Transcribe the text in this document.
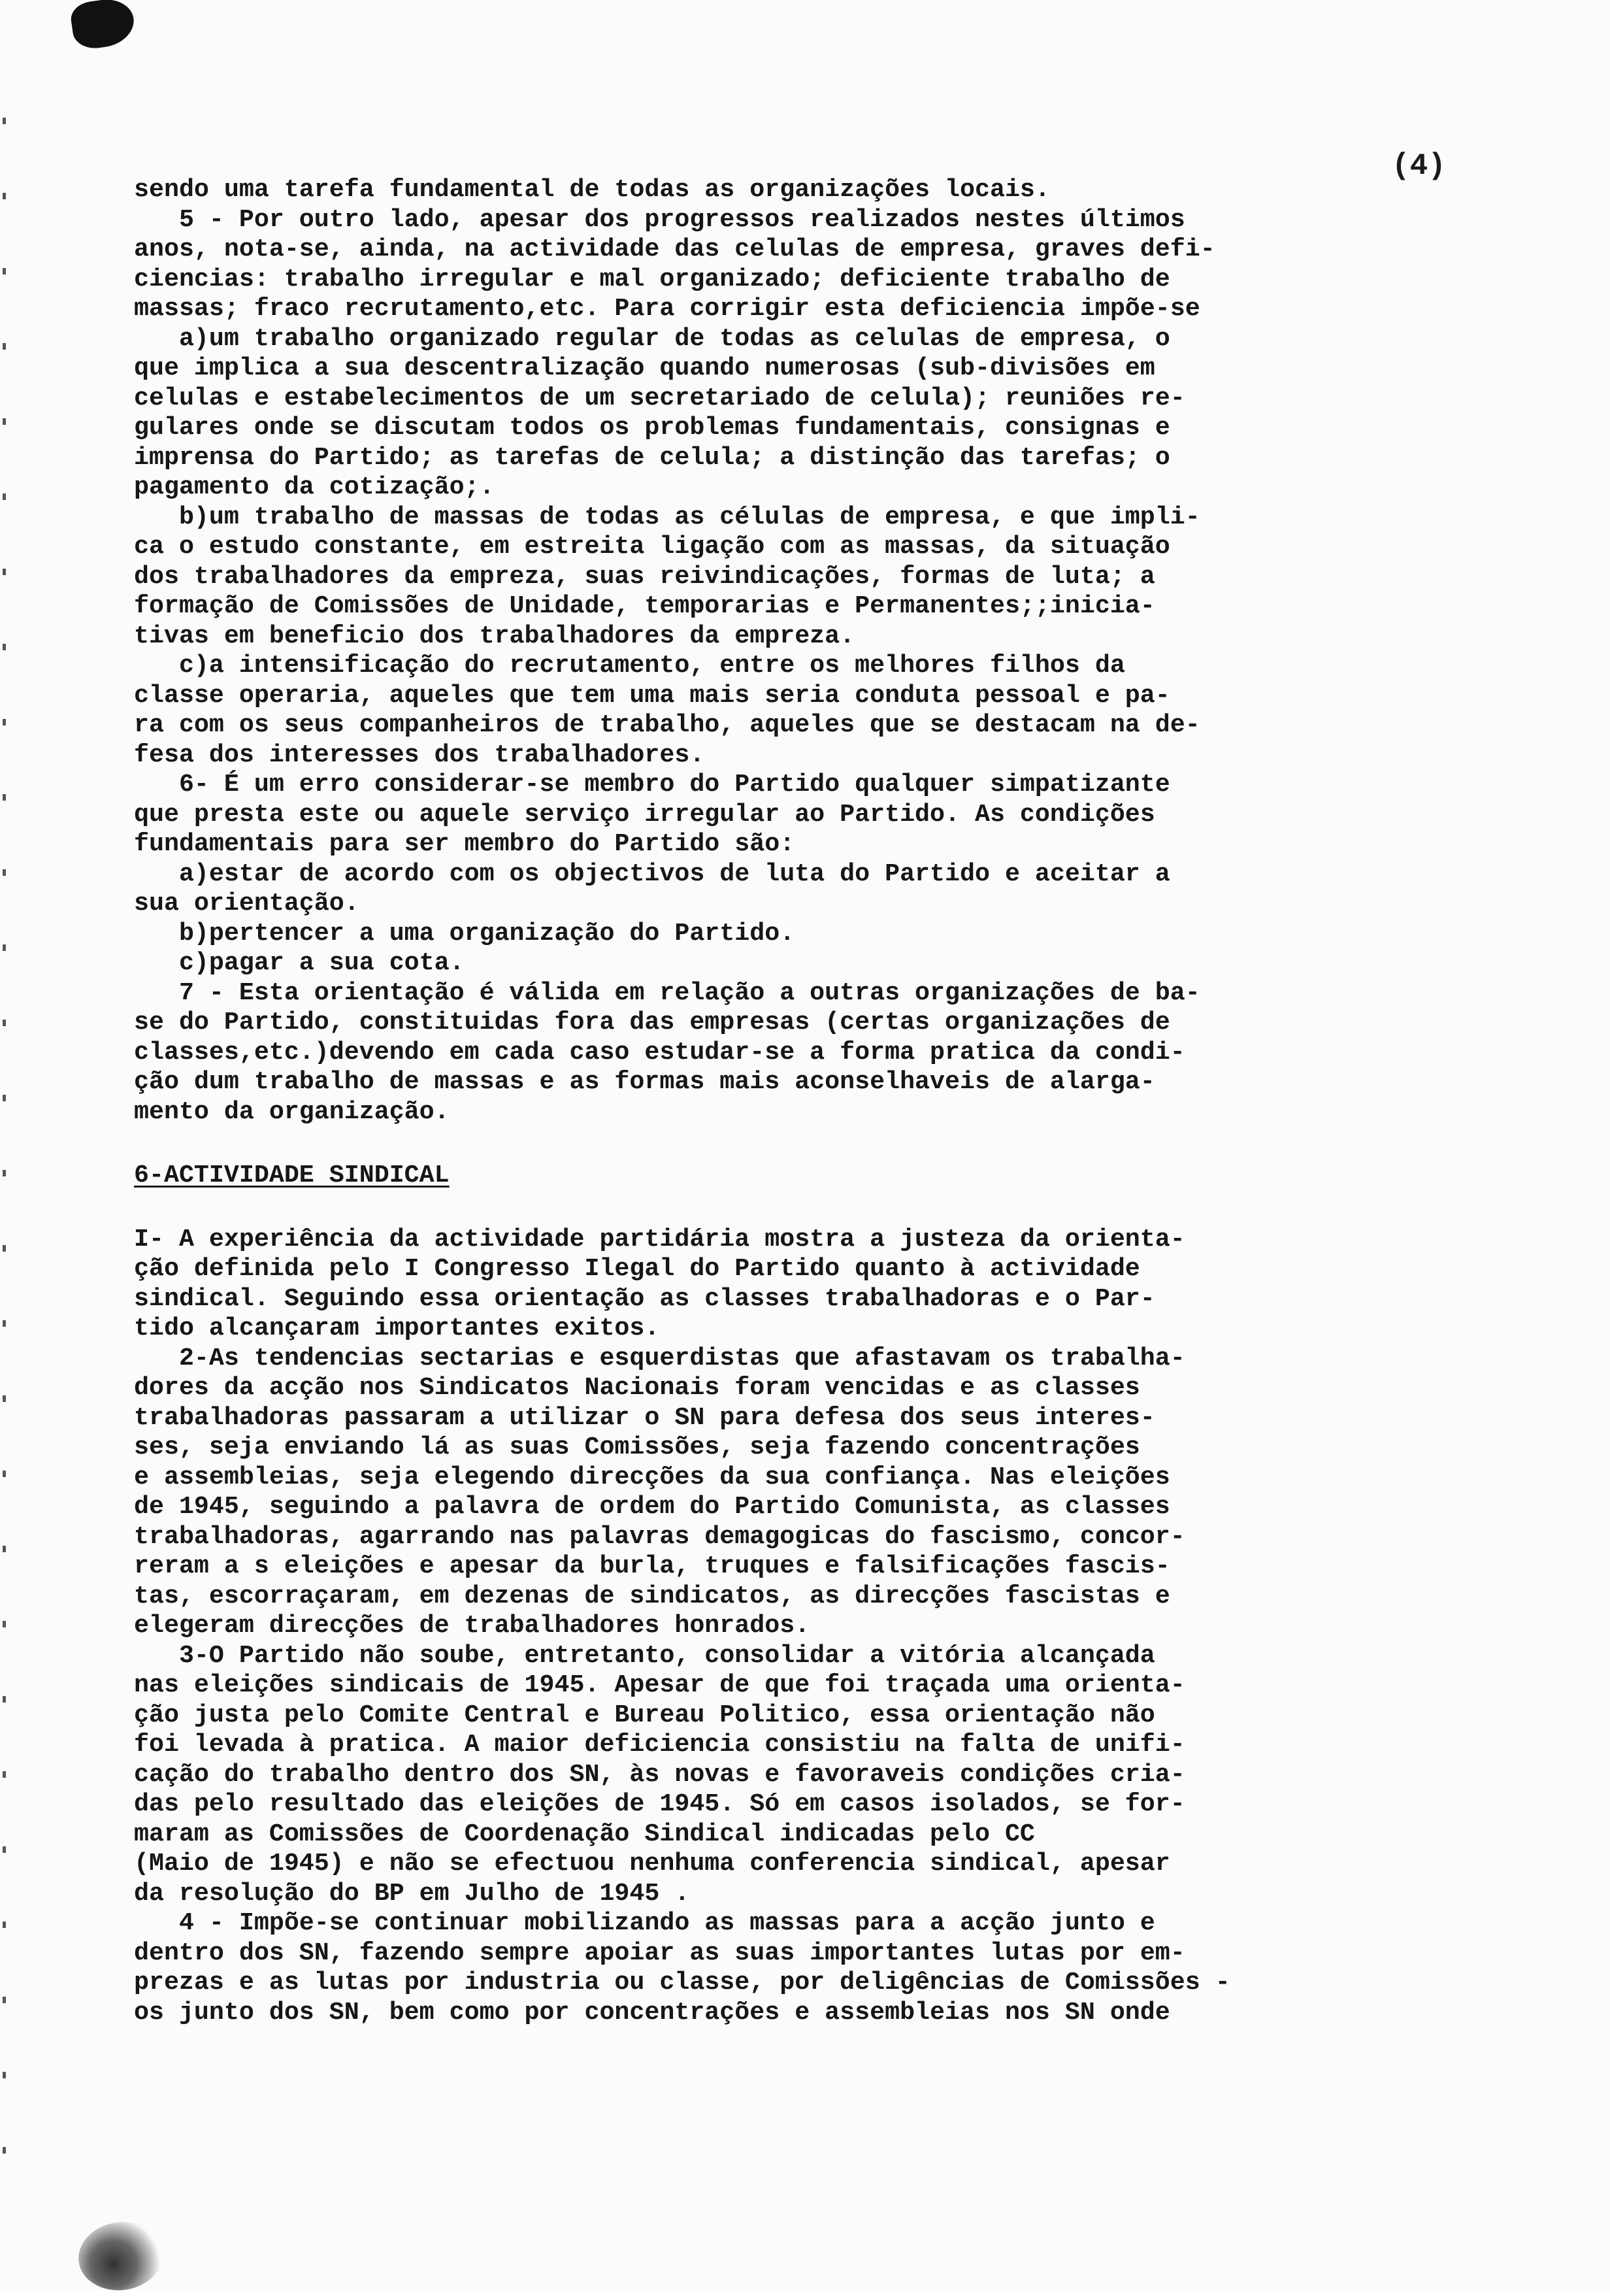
(4)
sendo uma tarefa fundamental de todas as organizações locais.
5 - Por outro lado, apesar dos progressos realizados nestes últimos
anos, nota-se, ainda, na actividade das celulas de empresa, graves defi-
ciencias: trabalho irregular e mal organizado; deficiente trabalho de
massas; fraco recrutamento,etc. Para corrigir esta deficiencia impõe-se
a)um trabalho organizado regular de todas as celulas de empresa, o
que implica a sua descentralização quando numerosas (sub-divisões em
celulas e estabelecimentos de um secretariado de celula); reuniões re-
gulares onde se discutam todos os problemas fundamentais, consignas e
imprensa do Partido; as tarefas de celula; a distinção das tarefas; o
pagamento da cotização;.
b)um trabalho de massas de todas as células de empresa, e que impli-
ca o estudo constante, em estreita ligação com as massas, da situação
dos trabalhadores da empreza, suas reivindicações, formas de luta; a
formação de Comissões de Unidade, temporarias e Permanentes;;inicia-
tivas em beneficio dos trabalhadores da empreza.
c)a intensificação do recrutamento, entre os melhores filhos da
classe operaria, aqueles que tem uma mais seria conduta pessoal e pa-
ra com os seus companheiros de trabalho, aqueles que se destacam na de-
fesa dos interesses dos trabalhadores.
6- É um erro considerar-se membro do Partido qualquer simpatizante
que presta este ou aquele serviço irregular ao Partido. As condições
fundamentais para ser membro do Partido são:
a)estar de acordo com os objectivos de luta do Partido e aceitar a
sua orientação.
b)pertencer a uma organização do Partido.
c)pagar a sua cota.
7 - Esta orientação é válida em relação a outras organizações de ba-
se do Partido, constituidas fora das empresas (certas organizações de
classes,etc.)devendo em cada caso estudar-se a forma pratica da condi-
ção dum trabalho de massas e as formas mais aconselhaveis de alarga-
mento da organização.
6-ACTIVIDADE SINDICAL
I- A experiência da actividade partidária mostra a justeza da orienta-
ção definida pelo I Congresso Ilegal do Partido quanto à actividade
sindical. Seguindo essa orientação as classes trabalhadoras e o Par-
tido alcançaram importantes exitos.
2-As tendencias sectarias e esquerdistas que afastavam os trabalha-
dores da acção nos Sindicatos Nacionais foram vencidas e as classes
trabalhadoras passaram a utilizar o SN para defesa dos seus interes-
ses, seja enviando lá as suas Comissões, seja fazendo concentrações
e assembleias, seja elegendo direcções da sua confiança. Nas eleições
de 1945, seguindo a palavra de ordem do Partido Comunista, as classes
trabalhadoras, agarrando nas palavras demagogicas do fascismo, concor-
reram a s eleições e apesar da burla, truques e falsificações fascis-
tas, escorraçaram, em dezenas de sindicatos, as direcções fascistas e
elegeram direcções de trabalhadores honrados.
3-O Partido não soube, entretanto, consolidar a vitória alcançada
nas eleições sindicais de 1945. Apesar de que foi traçada uma orienta-
ção justa pelo Comite Central e Bureau Politico, essa orientação não
foi levada à pratica. A maior deficiencia consistiu na falta de unifi-
cação do trabalho dentro dos SN, às novas e favoraveis condições cria-
das pelo resultado das eleições de 1945. Só em casos isolados, se for-
maram as Comissões de Coordenação Sindical indicadas pelo CC
(Maio de 1945) e não se efectuou nenhuma conferencia sindical, apesar
da resolução do BP em Julho de 1945 .
4 - Impõe-se continuar mobilizando as massas para a acção junto e
dentro dos SN, fazendo sempre apoiar as suas importantes lutas por em-
prezas e as lutas por industria ou classe, por deligências de Comissões -
os junto dos SN, bem como por concentrações e assembleias nos SN onde
